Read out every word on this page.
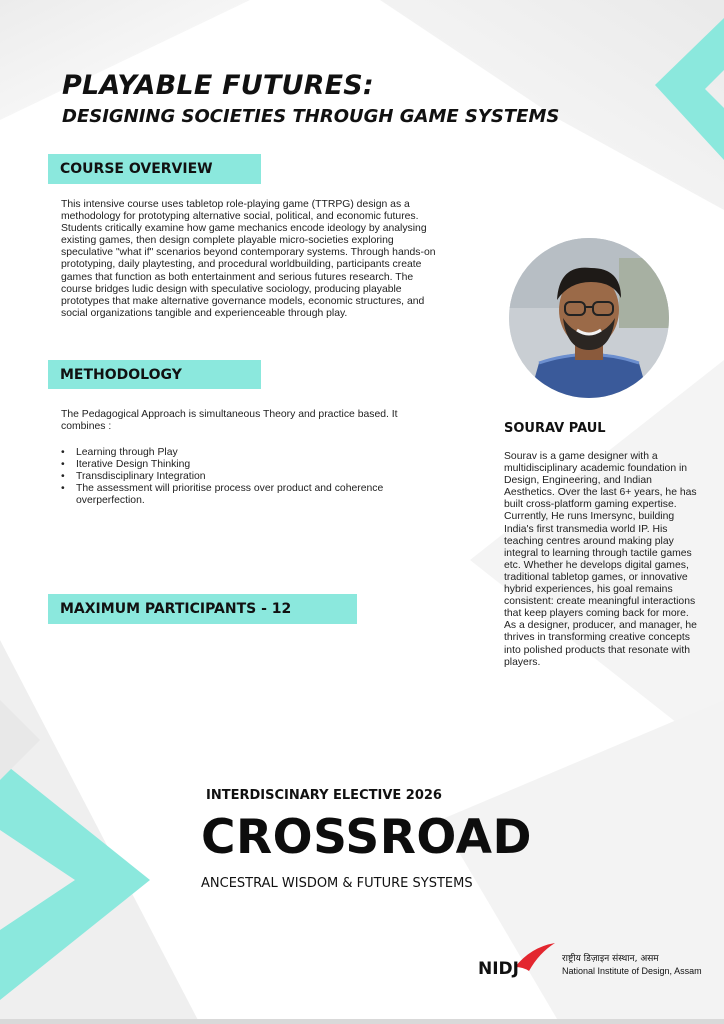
PLAYABLE FUTURES:
DESIGNING SOCIETIES THROUGH GAME SYSTEMS
COURSE OVERVIEW

This intensive course uses tabletop role-playing game (TTRPG) design as a methodology for prototyping alternative social, political, and economic futures. Students critically examine how game mechanics encode ideology by analysing existing games, then design complete playable micro-societies exploring speculative "what if" scenarios beyond contemporary systems. Through hands-on prototyping, daily playtesting, and procedural worldbuilding, participants create games that function as both entertainment and serious futures research. The course bridges ludic design with speculative sociology, producing playable prototypes that make alternative governance models, economic structures, and social organizations tangible and experienceable through play.

METHODOLOGY

The Pedagogical Approach is simultaneous Theory and practice based. It combines :

• Learning through Play
• Iterative Design Thinking
• Transdisciplinary Integration
• The assessment will prioritise process over product and coherence overperfection.
MAXIMUM PARTICIPANTS - 12
SOURAV PAUL

Sourav is a game designer with a multidisciplinary academic foundation in Design, Engineering, and Indian Aesthetics. Over the last 6+ years, he has built cross-platform gaming expertise. Currently, He runs Imersync, building India's first transmedia world IP. His teaching centres around making play integral to learning through tactile games etc. Whether he develops digital games, traditional tabletop games, or innovative hybrid experiences, his goal remains consistent: create meaningful interactions that keep players coming back for more. As a designer, producer, and manager, he thrives in transforming creative concepts into polished products that resonate with players.

INTERDISCINARY ELECTIVE 2026
CROSSROAD
ANCESTRAL WISDOM & FUTURE SYSTEMS
NIDJ	राष्ट्रीय डिज़ाइन संस्थान, असम
National Institute of Design, Assam
